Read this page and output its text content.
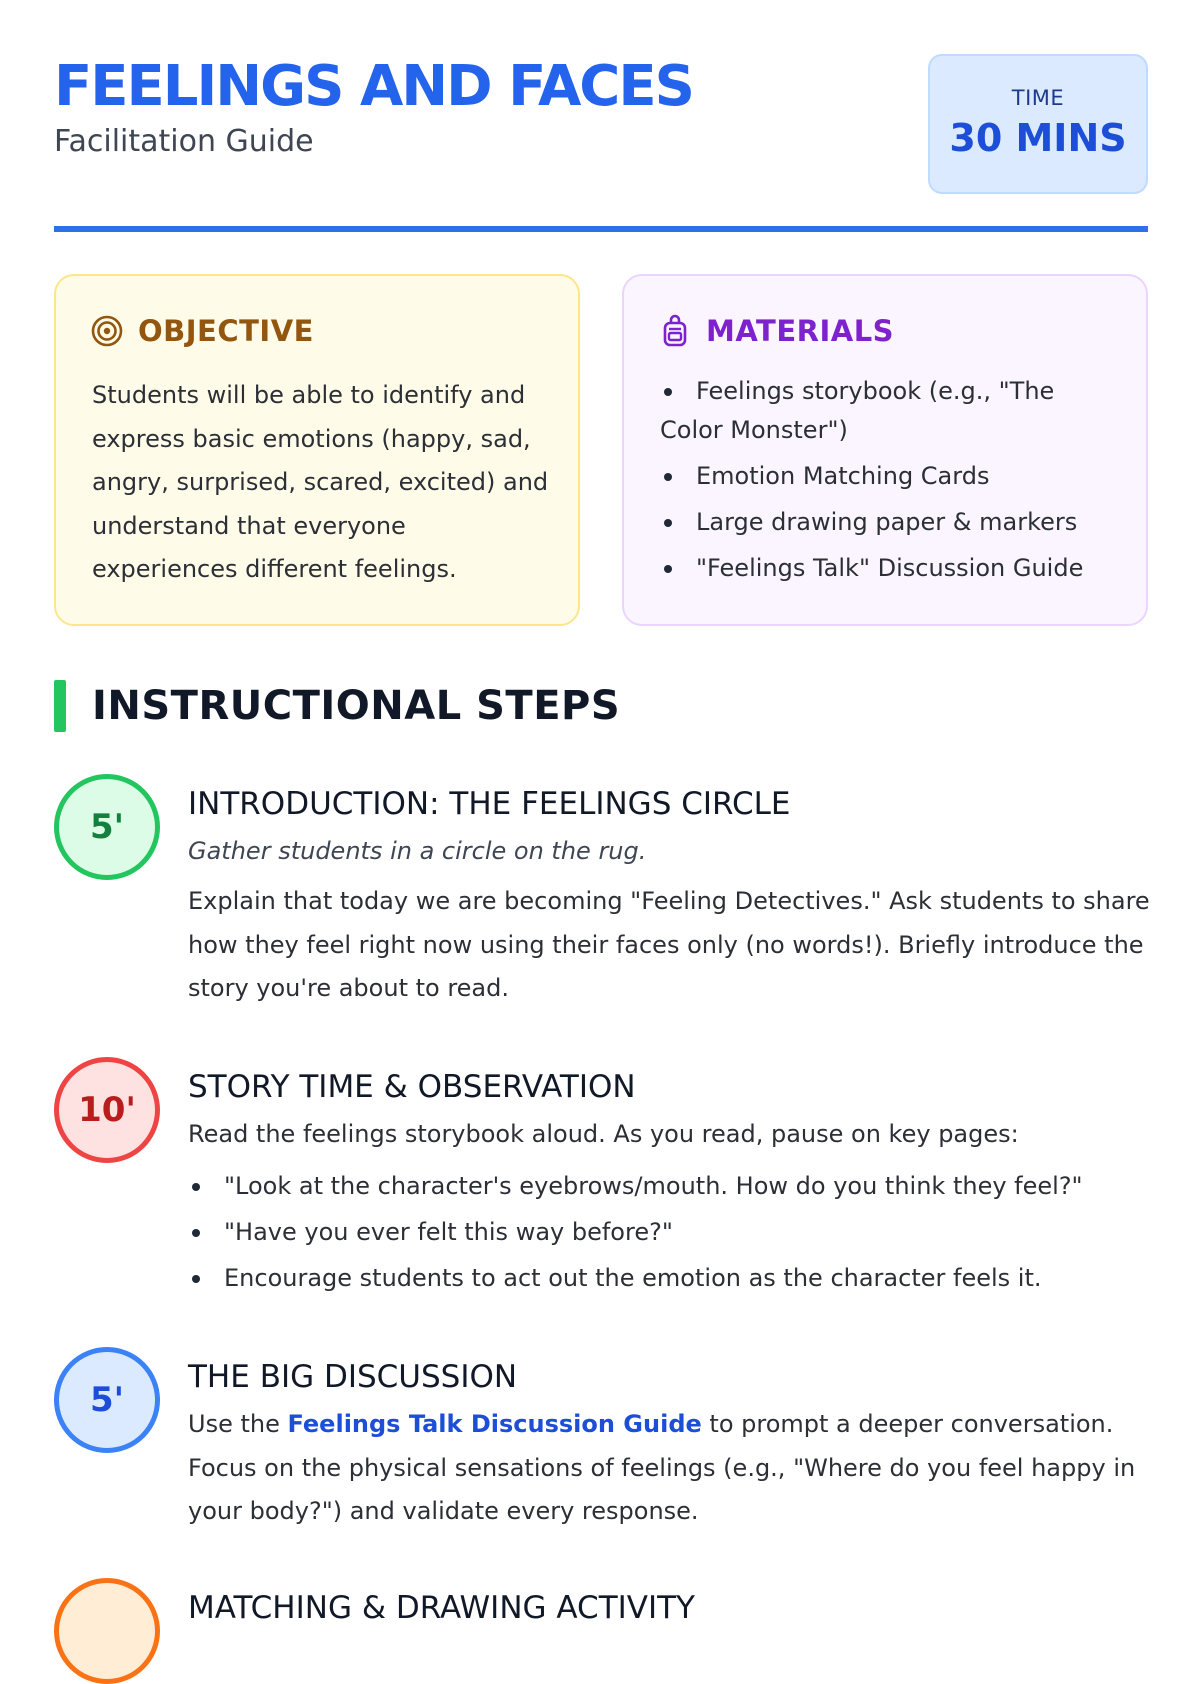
FEELINGS AND FACES
Facilitation Guide
TIME
30 MINS
OBJECTIVE
Students will be able to identify and express basic emotions (happy, sad, angry, surprised, scared, excited) and understand that everyone experiences different feelings.
MATERIALS
Feelings storybook (e.g., "The Color Monster")
Emotion Matching Cards
Large drawing paper & markers
"Feelings Talk" Discussion Guide
INSTRUCTIONAL STEPS
5'
INTRODUCTION: THE FEELINGS CIRCLE
Gather students in a circle on the rug.
Explain that today we are becoming "Feeling Detectives." Ask students to share how they feel right now using their faces only (no words!). Briefly introduce the story you're about to read.
10'
STORY TIME & OBSERVATION
Read the feelings storybook aloud. As you read, pause on key pages:
"Look at the character's eyebrows/mouth. How do you think they feel?"
"Have you ever felt this way before?"
Encourage students to act out the emotion as the character feels it.
5'
THE BIG DISCUSSION
Use the Feelings Talk Discussion Guide to prompt a deeper conversation. Focus on the physical sensations of feelings (e.g., "Where do you feel happy in your body?") and validate every response.
MATCHING & DRAWING ACTIVITY
